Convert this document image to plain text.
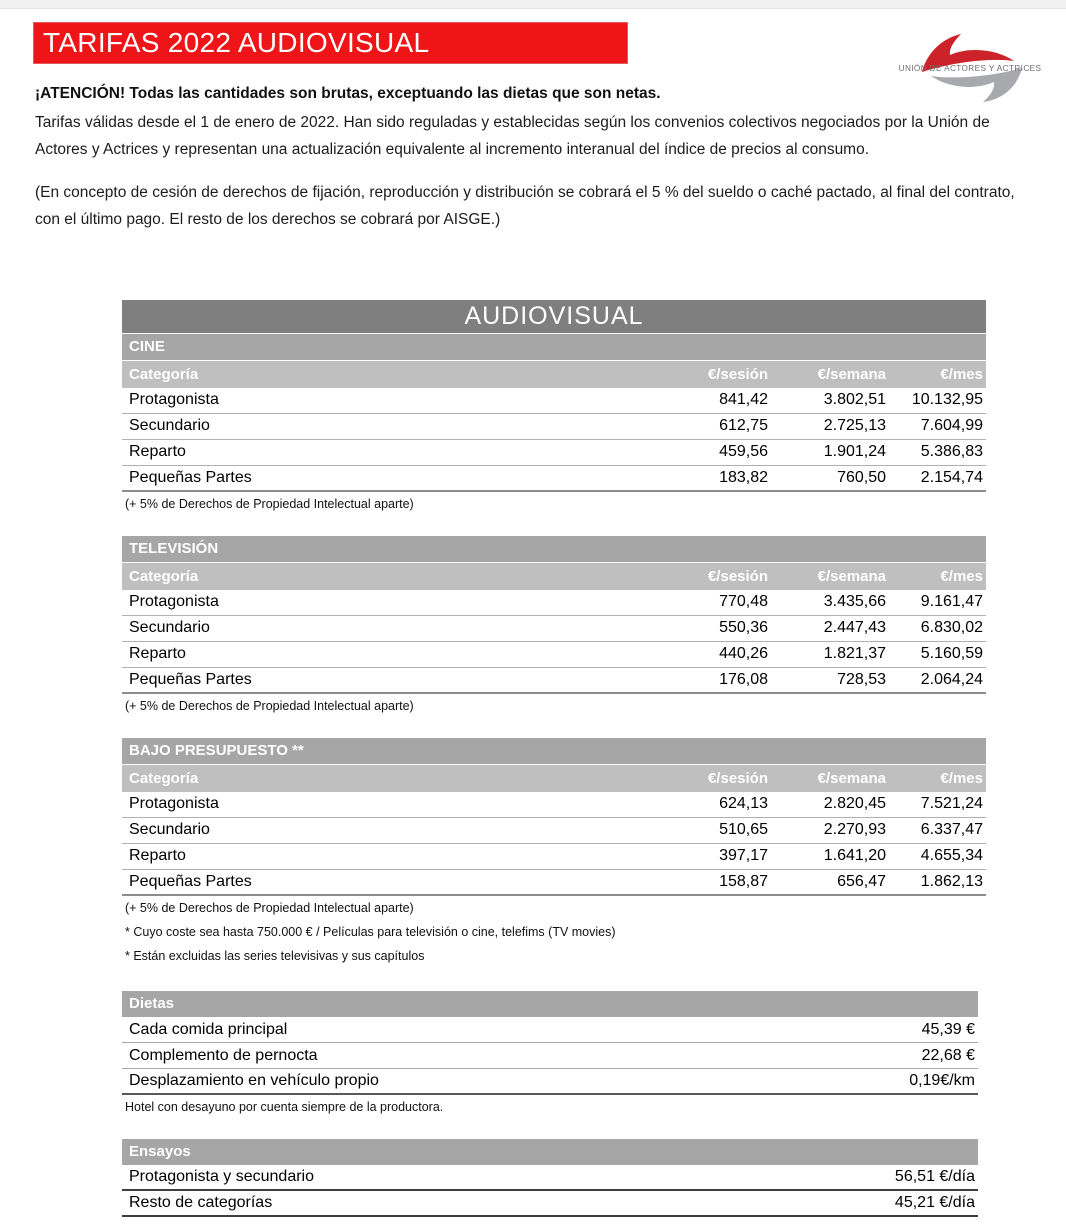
TARIFAS 2022 AUDIOVISUAL
UNIÓN DE ACTORES Y ACTRICES

¡ATENCIÓN! Todas las cantidades son brutas, exceptuando las dietas que son netas.

Tarifas válidas desde el 1 de enero de 2022. Han sido reguladas y establecidas según los convenios colectivos negociados por la Unión de Actores y Actrices y representan una actualización equivalente al incremento interanual del índice de precios al consumo.

(En concepto de cesión de derechos de fijación, reproducción y distribución se cobrará el 5 % del sueldo o caché pactado, al final del contrato, con el último pago. El resto de los derechos se cobrará por AISGE.)

AUDIOVISUAL
CINE
Categoría	€/sesión	€/semana	€/mes
Protagonista	841,42	3.802,51	10.132,95
Secundario	612,75	2.725,13	7.604,99
Reparto	459,56	1.901,24	5.386,83
Pequeñas Partes	183,82	760,50	2.154,74
(+ 5% de Derechos de Propiedad Intelectual aparte)
TELEVISIÓN
Categoría	€/sesión	€/semana	€/mes
Protagonista	770,48	3.435,66	9.161,47
Secundario	550,36	2.447,43	6.830,02
Reparto	440,26	1.821,37	5.160,59
Pequeñas Partes	176,08	728,53	2.064,24
(+ 5% de Derechos de Propiedad Intelectual aparte)
BAJO PRESUPUESTO **
Categoría	€/sesión	€/semana	€/mes
Protagonista	624,13	2.820,45	7.521,24
Secundario	510,65	2.270,93	6.337,47
Reparto	397,17	1.641,20	4.655,34
Pequeñas Partes	158,87	656,47	1.862,13
(+ 5% de Derechos de Propiedad Intelectual aparte)
* Cuyo coste sea hasta 750.000 € / Películas para televisión o cine, telefims (TV movies)
* Están excluidas las series televisivas y sus capítulos
Dietas
Cada comida principal	45,39 €
Complemento de pernocta	22,68 €
Desplazamiento en vehículo propio	0,19€/km
Hotel con desayuno por cuenta siempre de la productora.
Ensayos
Protagonista y secundario	56,51 €/día
Resto de categorías	45,21 €/día
